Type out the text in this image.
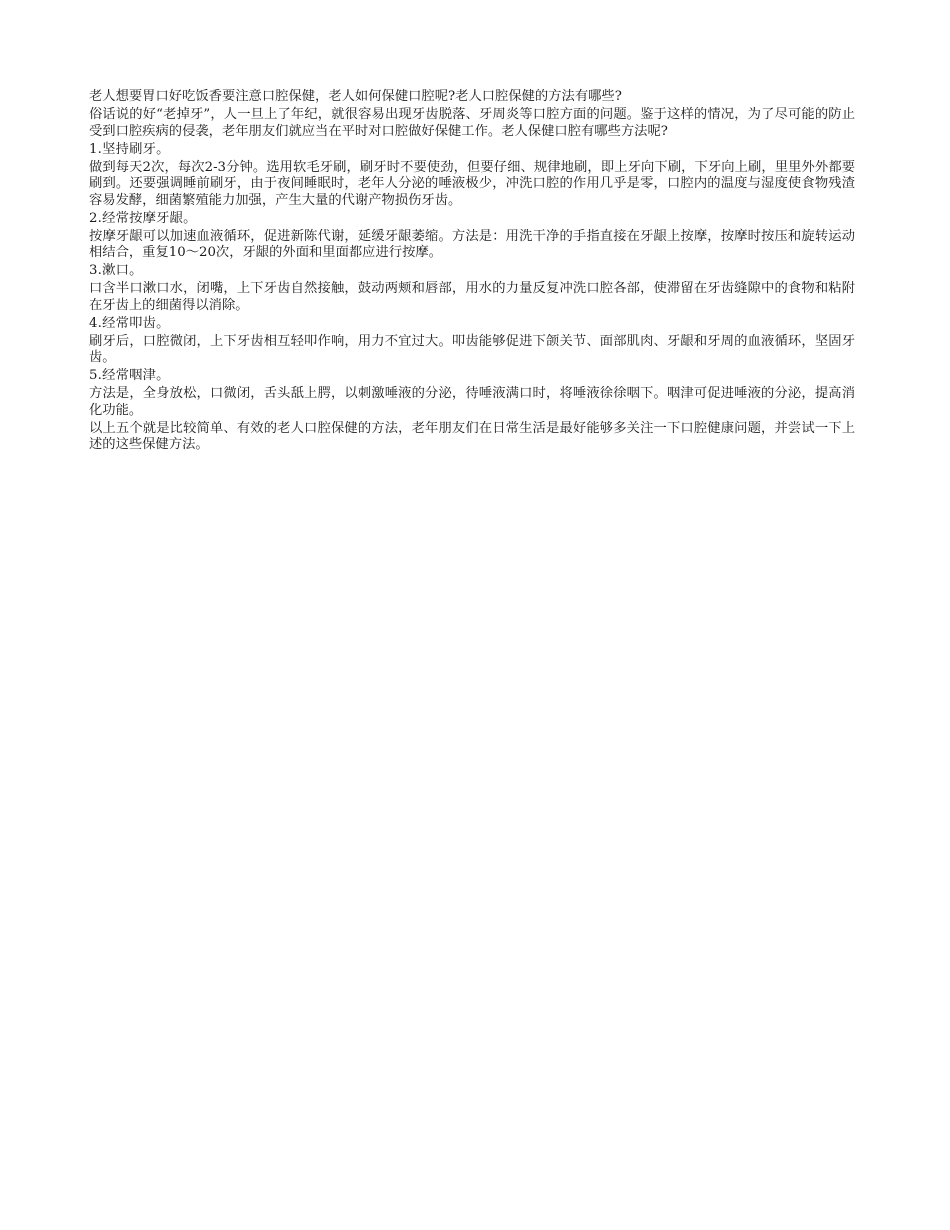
老人想要胃口好吃饭香要注意口腔保健，老人如何保健口腔呢?老人口腔保健的方法有哪些?

俗话说的好“老掉牙”，人一旦上了年纪，就很容易出现牙齿脱落、牙周炎等口腔方面的问题。鉴于这样的情况，为了尽可能的防止受到口腔疾病的侵袭，老年朋友们就应当在平时对口腔做好保健工作。老人保健口腔有哪些方法呢?

1.坚持刷牙。

做到每天2次，每次2-3分钟。选用软毛牙刷，刷牙时不要使劲，但要仔细、规律地刷，即上牙向下刷，下牙向上刷，里里外外都要刷到。还要强调睡前刷牙，由于夜间睡眠时，老年人分泌的唾液极少，冲洗口腔的作用几乎是零，口腔内的温度与湿度使食物残渣容易发酵，细菌繁殖能力加强，产生大量的代谢产物损伤牙齿。

2.经常按摩牙龈。

按摩牙龈可以加速血液循环，促进新陈代谢，延缓牙龈萎缩。方法是：用洗干净的手指直接在牙龈上按摩，按摩时按压和旋转运动相结合，重复10～20次，牙龈的外面和里面都应进行按摩。

3.漱口。

口含半口漱口水，闭嘴，上下牙齿自然接触，鼓动两颊和唇部，用水的力量反复冲洗口腔各部，使滞留在牙齿缝隙中的食物和粘附在牙齿上的细菌得以消除。

4.经常叩齿。

刷牙后，口腔微闭，上下牙齿相互轻叩作响，用力不宜过大。叩齿能够促进下颌关节、面部肌肉、牙龈和牙周的血液循环，坚固牙齿。

5.经常咽津。

方法是，全身放松，口微闭，舌头舐上腭，以刺激唾液的分泌，待唾液满口时，将唾液徐徐咽下。咽津可促进唾液的分泌，提高消化功能。

以上五个就是比较简单、有效的老人口腔保健的方法，老年朋友们在日常生活是最好能够多关注一下口腔健康问题，并尝试一下上述的这些保健方法。
